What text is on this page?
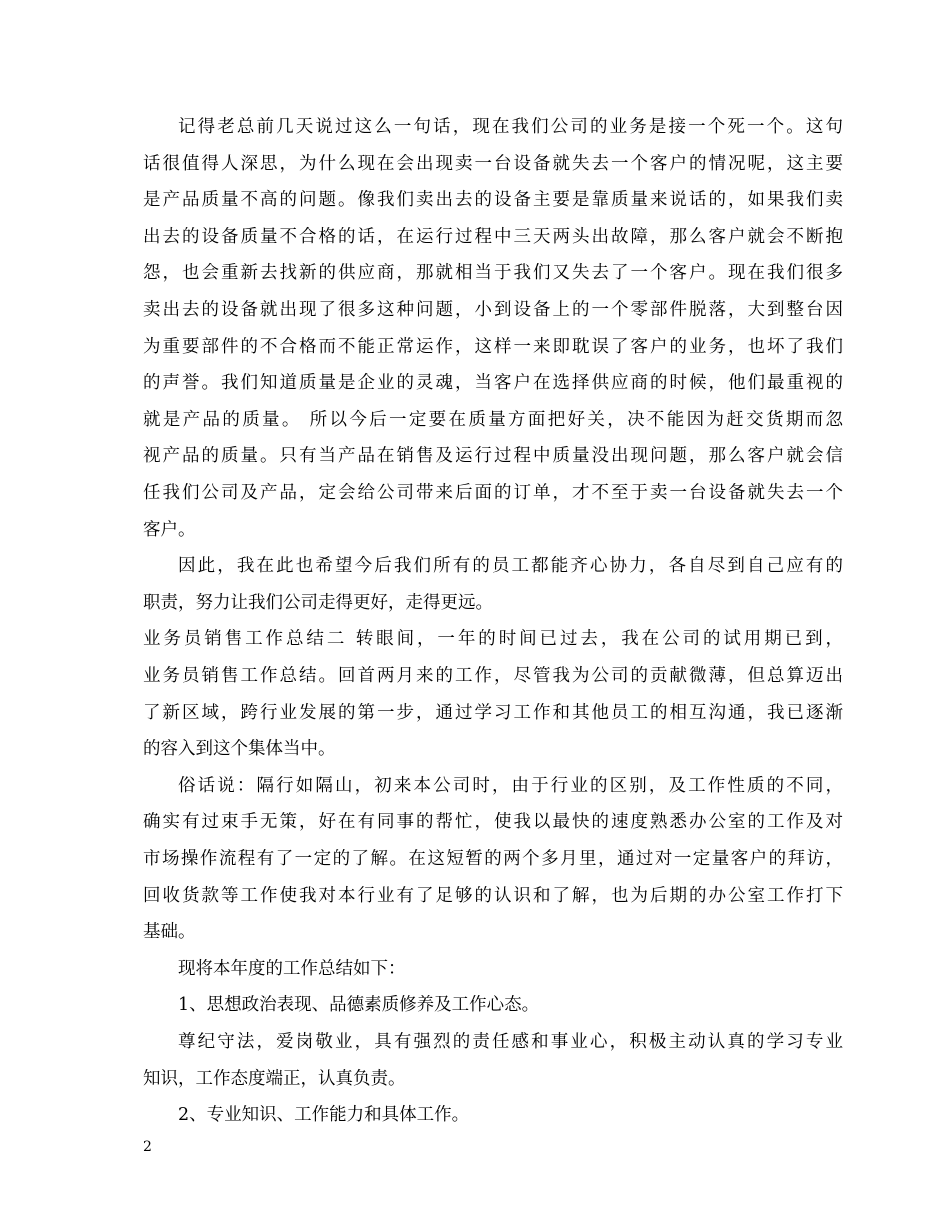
记得老总前几天说过这么一句话，现在我们公司的业务是接一个死一个。这句
话很值得人深思，为什么现在会出现卖一台设备就失去一个客户的情况呢，这主要
是产品质量不高的问题。像我们卖出去的设备主要是靠质量来说话的，如果我们卖
出去的设备质量不合格的话，在运行过程中三天两头出故障，那么客户就会不断抱
怨，也会重新去找新的供应商，那就相当于我们又失去了一个客户。现在我们很多
卖出去的设备就出现了很多这种问题，小到设备上的一个零部件脱落，大到整台因
为重要部件的不合格而不能正常运作，这样一来即耽误了客户的业务，也坏了我们
的声誉。我们知道质量是企业的灵魂，当客户在选择供应商的时候，他们最重视的
就是产品的质量。 所以今后一定要在质量方面把好关，决不能因为赶交货期而忽
视产品的质量。只有当产品在销售及运行过程中质量没出现问题，那么客户就会信
任我们公司及产品，定会给公司带来后面的订单，才不至于卖一台设备就失去一个
客户。
因此，我在此也希望今后我们所有的员工都能齐心协力，各自尽到自己应有的
职责，努力让我们公司走得更好，走得更远。
业务员销售工作总结二 转眼间，一年的时间已过去，我在公司的试用期已到，
业务员销售工作总结。回首两月来的工作，尽管我为公司的贡献微薄，但总算迈出
了新区域，跨行业发展的第一步，通过学习工作和其他员工的相互沟通，我已逐渐
的容入到这个集体当中。
俗话说：隔行如隔山，初来本公司时，由于行业的区别，及工作性质的不同，
确实有过束手无策，好在有同事的帮忙，使我以最快的速度熟悉办公室的工作及对
市场操作流程有了一定的了解。在这短暂的两个多月里，通过对一定量客户的拜访，
回收货款等工作使我对本行业有了足够的认识和了解，也为后期的办公室工作打下
基础。
现将本年度的工作总结如下：
1、思想政治表现、品德素质修养及工作心态。
尊纪守法，爱岗敬业，具有强烈的责任感和事业心，积极主动认真的学习专业
知识，工作态度端正，认真负责。
2、专业知识、工作能力和具体工作。
2
